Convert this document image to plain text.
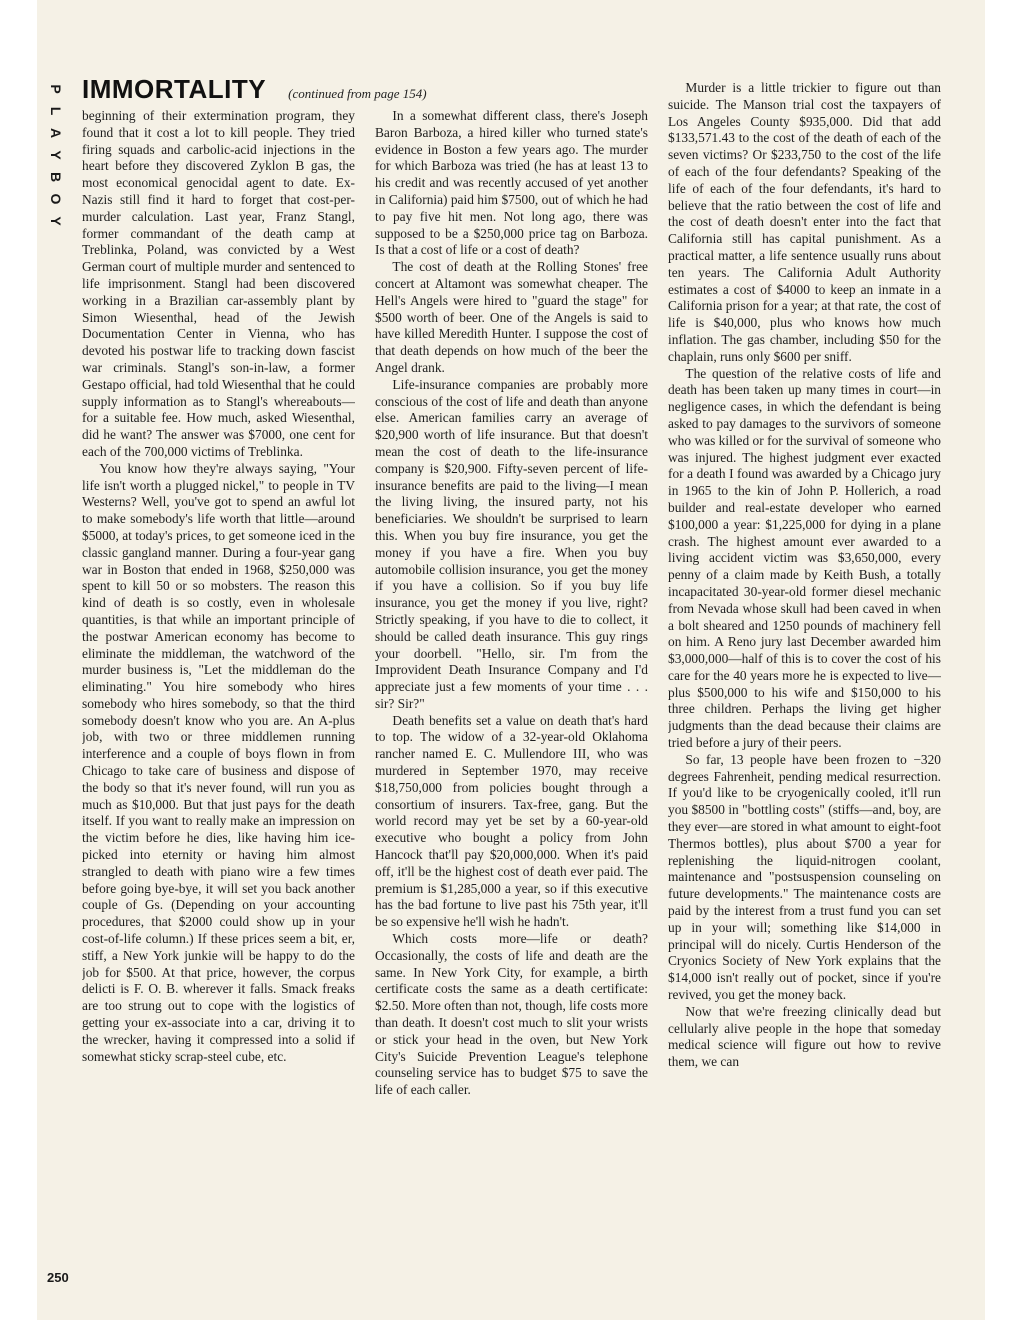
P
L
A
Y
B
O
Y
IMMORTALITY (continued from page 154)

beginning of their extermination program, they found that it cost a lot to kill people. They tried firing squads and carbolic-acid injections in the heart before they discovered Zyklon B gas, the most economical genocidal agent to date. Ex-Nazis still find it hard to forget that cost-per-murder calculation. Last year, Franz Stangl, former commandant of the death camp at Treblinka, Poland, was convicted by a West German court of multiple murder and sentenced to life imprisonment. Stangl had been discovered working in a Brazilian car-assembly plant by Simon Wiesenthal, head of the Jewish Documentation Center in Vienna, who has devoted his postwar life to tracking down fascist war criminals. Stangl's son-in-law, a former Gestapo official, had told Wiesenthal that he could supply information as to Stangl's whereabouts—for a suitable fee. How much, asked Wiesenthal, did he want? The answer was $7000, one cent for each of the 700,000 victims of Treblinka.

You know how they're always saying, "Your life isn't worth a plugged nickel," to people in TV Westerns? Well, you've got to spend an awful lot to make somebody's life worth that little—around $5000, at today's prices, to get someone iced in the classic gangland manner. During a four-year gang war in Boston that ended in 1968, $250,000 was spent to kill 50 or so mobsters. The reason this kind of death is so costly, even in wholesale quantities, is that while an important principle of the postwar American economy has become to eliminate the middleman, the watchword of the murder business is, "Let the middleman do the eliminating." You hire somebody who hires somebody who hires somebody, so that the third somebody doesn't know who you are. An A-plus job, with two or three middlemen running interference and a couple of boys flown in from Chicago to take care of business and dispose of the body so that it's never found, will run you as much as $10,000. But that just pays for the death itself. If you want to really make an impression on the victim before he dies, like having him ice-picked into eternity or having him almost strangled to death with piano wire a few times before going bye-bye, it will set you back another couple of Gs. (Depending on your accounting procedures, that $2000 could show up in your cost-of-life column.) If these prices seem a bit, er, stiff, a New York junkie will be happy to do the job for $500. At that price, however, the corpus delicti is F. O. B. wherever it falls. Smack freaks are too strung out to cope with the logistics of getting your ex-associate into a car, driving it to the wrecker, having it compressed into a solid if somewhat sticky scrap-steel cube, etc.

In a somewhat different class, there's Joseph Baron Barboza, a hired killer who turned state's evidence in Boston a few years ago. The murder for which Barboza was tried (he has at least 13 to his credit and was recently accused of yet another in California) paid him $7500, out of which he had to pay five hit men. Not long ago, there was supposed to be a $250,000 price tag on Barboza. Is that a cost of life or a cost of death?

The cost of death at the Rolling Stones' free concert at Altamont was somewhat cheaper. The Hell's Angels were hired to "guard the stage" for $500 worth of beer. One of the Angels is said to have killed Meredith Hunter. I suppose the cost of that death depends on how much of the beer the Angel drank.

Life-insurance companies are probably more conscious of the cost of life and death than anyone else. American families carry an average of $20,900 worth of life insurance. But that doesn't mean the cost of death to the life-insurance company is $20,900. Fifty-seven percent of life-insurance benefits are paid to the living—I mean the living living, the insured party, not his beneficiaries. We shouldn't be surprised to learn this. When you buy fire insurance, you get the money if you have a fire. When you buy automobile collision insurance, you get the money if you have a collision. So if you buy life insurance, you get the money if you live, right? Strictly speaking, if you have to die to collect, it should be called death insurance. This guy rings your doorbell. "Hello, sir. I'm from the Improvident Death Insurance Company and I'd appreciate just a few moments of your time . . . sir? Sir?"

Death benefits set a value on death that's hard to top. The widow of a 32-year-old Oklahoma rancher named E. C. Mullendore III, who was murdered in September 1970, may receive $18,750,000 from policies bought through a consortium of insurers. Tax-free, gang. But the world record may yet be set by a 60-year-old executive who bought a policy from John Hancock that'll pay $20,000,000. When it's paid off, it'll be the highest cost of death ever paid. The premium is $1,285,000 a year, so if this executive has the bad fortune to live past his 75th year, it'll be so expensive he'll wish he hadn't.

Which costs more—life or death? Occasionally, the costs of life and death are the same. In New York City, for example, a birth certificate costs the same as a death certificate: $2.50. More often than not, though, life costs more than death. It doesn't cost much to slit your wrists or stick your head in the oven, but New York City's Suicide Prevention League's telephone counseling service has to budget $75 to save the life of each caller.

Murder is a little trickier to figure out than suicide. The Manson trial cost the taxpayers of Los Angeles County $935,000. Did that add $133,571.43 to the cost of the death of each of the seven victims? Or $233,750 to the cost of the life of each of the four defendants? Speaking of the life of each of the four defendants, it's hard to believe that the ratio between the cost of life and the cost of death doesn't enter into the fact that California still has capital punishment. As a practical matter, a life sentence usually runs about ten years. The California Adult Authority estimates a cost of $4000 to keep an inmate in a California prison for a year; at that rate, the cost of life is $40,000, plus who knows how much inflation. The gas chamber, including $50 for the chaplain, runs only $600 per sniff.

The question of the relative costs of life and death has been taken up many times in court—in negligence cases, in which the defendant is being asked to pay damages to the survivors of someone who was killed or for the survival of someone who was injured. The highest judgment ever exacted for a death I found was awarded by a Chicago jury in 1965 to the kin of John P. Hollerich, a road builder and real-estate developer who earned $100,000 a year: $1,225,000 for dying in a plane crash. The highest amount ever awarded to a living accident victim was $3,650,000, every penny of a claim made by Keith Bush, a totally incapacitated 30-year-old former diesel mechanic from Nevada whose skull had been caved in when a bolt sheared and 1250 pounds of machinery fell on him. A Reno jury last December awarded him $3,000,000—half of this is to cover the cost of his care for the 40 years more he is expected to live—plus $500,000 to his wife and $150,000 to his three children. Perhaps the living get higher judgments than the dead because their claims are tried before a jury of their peers.

So far, 13 people have been frozen to −320 degrees Fahrenheit, pending medical resurrection. If you'd like to be cryogenically cooled, it'll run you $8500 in "bottling costs" (stiffs—and, boy, are they ever—are stored in what amount to eight-foot Thermos bottles), plus about $700 a year for replenishing the liquid-nitrogen coolant, maintenance and "postsuspension counseling on future developments." The maintenance costs are paid by the interest from a trust fund you can set up in your will; something like $14,000 in principal will do nicely. Curtis Henderson of the Cryonics Society of New York explains that the $14,000 isn't really out of pocket, since if you're revived, you get the money back.

Now that we're freezing clinically dead but cellularly alive people in the hope that someday medical science will figure out how to revive them, we can

250
